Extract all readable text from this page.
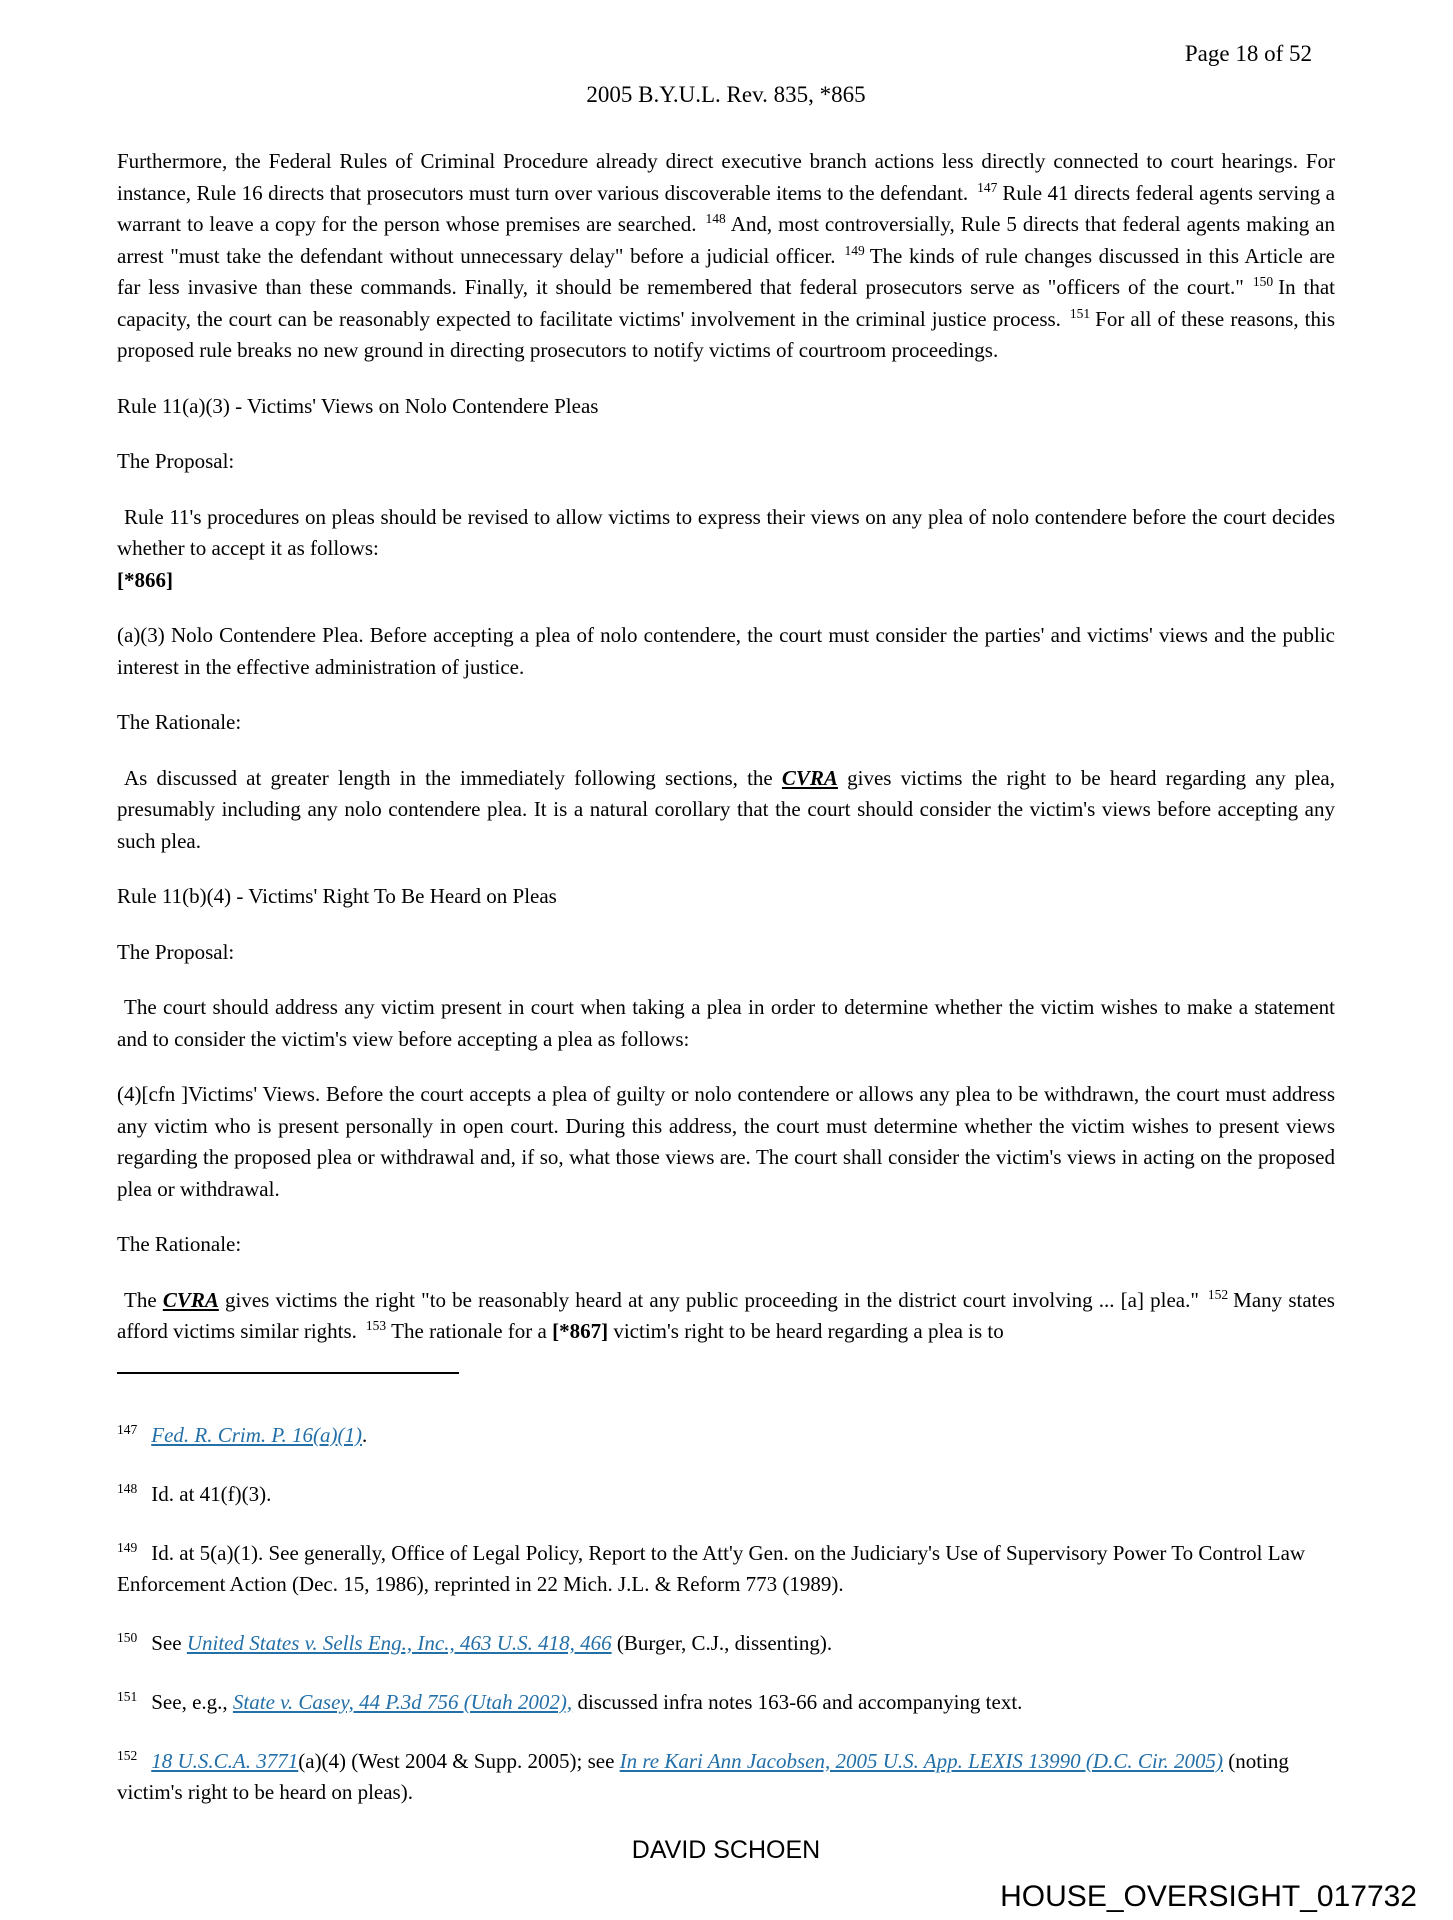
Page 18 of 52
2005 B.Y.U.L. Rev. 835, *865

Furthermore, the Federal Rules of Criminal Procedure already direct executive branch actions less directly connected to court hearings. For instance, Rule 16 directs that prosecutors must turn over various discoverable items to the defendant. $^{147}$ Rule 41 directs federal agents serving a warrant to leave a copy for the person whose premises are searched. $^{148}$ And, most controversially, Rule 5 directs that federal agents making an arrest "must take the defendant without unnecessary delay" before a judicial officer. $^{149}$ The kinds of rule changes discussed in this Article are far less invasive than these commands. Finally, it should be remembered that federal prosecutors serve as "officers of the court." $^{150}$ In that capacity, the court can be reasonably expected to facilitate victims' involvement in the criminal justice process. $^{151}$ For all of these reasons, this proposed rule breaks no new ground in directing prosecutors to notify victims of courtroom proceedings.

Rule 11(a)(3) - Victims' Views on Nolo Contendere Pleas

The Proposal:

Rule 11's procedures on pleas should be revised to allow victims to express their views on any plea of nolo contendere before the court decides whether to accept it as follows:
[*866]

(a)(3) Nolo Contendere Plea. Before accepting a plea of nolo contendere, the court must consider the parties' and victims' views and the public interest in the effective administration of justice.

The Rationale:

As discussed at greater length in the immediately following sections, the CVRA gives victims the right to be heard regarding any plea, presumably including any nolo contendere plea. It is a natural corollary that the court should consider the victim's views before accepting any such plea.

Rule 11(b)(4) - Victims' Right To Be Heard on Pleas

The Proposal:

The court should address any victim present in court when taking a plea in order to determine whether the victim wishes to make a statement and to consider the victim's view before accepting a plea as follows:

(4)[cfn ]Victims' Views. Before the court accepts a plea of guilty or nolo contendere or allows any plea to be withdrawn, the court must address any victim who is present personally in open court. During this address, the court must determine whether the victim wishes to present views regarding the proposed plea or withdrawal and, if so, what those views are. The court shall consider the victim's views in acting on the proposed plea or withdrawal.

The Rationale:

The CVRA gives victims the right "to be reasonably heard at any public proceeding in the district court involving ... [a] plea." $^{152}$ Many states afford victims similar rights. $^{153}$ The rationale for a [*867] victim's right to be heard regarding a plea is to

$^{147}$ Fed. R. Crim. P. 16(a)(1).
$^{148}$ Id. at 41(f)(3).
$^{149}$ Id. at 5(a)(1). See generally, Office of Legal Policy, Report to the Att'y Gen. on the Judiciary's Use of Supervisory Power To Control Law Enforcement Action (Dec. 15, 1986), reprinted in 22 Mich. J.L. & Reform 773 (1989).
$^{150}$ See United States v. Sells Eng., Inc., 463 U.S. 418, 466 (Burger, C.J., dissenting).
$^{151}$ See, e.g., State v. Casey, 44 P.3d 756 (Utah 2002), discussed infra notes 163-66 and accompanying text.
$^{152}$ 18 U.S.C.A. 3771(a)(4) (West 2004 & Supp. 2005); see In re Kari Ann Jacobsen, 2005 U.S. App. LEXIS 13990 (D.C. Cir. 2005) (noting victim's right to be heard on pleas).
DAVID SCHOEN
HOUSE_OVERSIGHT_017732
